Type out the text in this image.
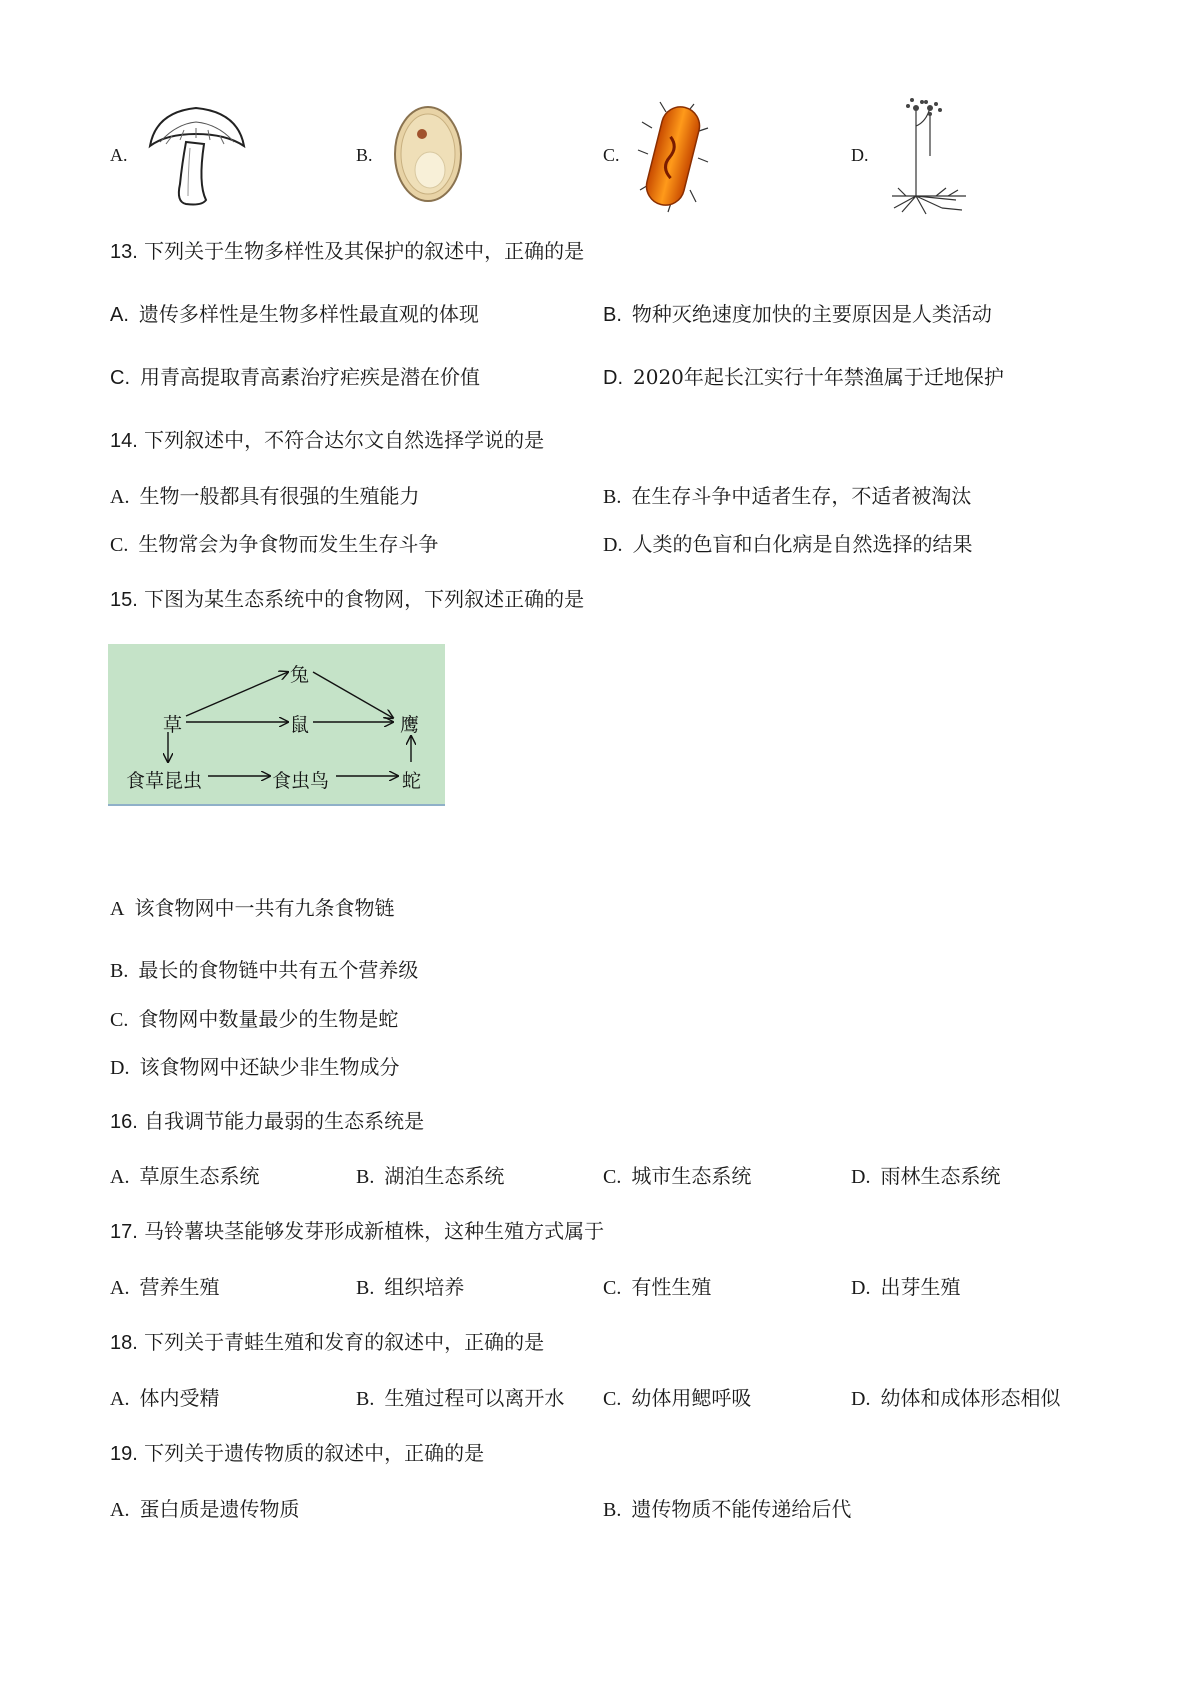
A.	B.	C.	D.
13. 下列关于生物多样性及其保护的叙述中，正确的是
A. 遗传多样性是生物多样性最直观的体现	B. 物种灭绝速度加快的主要原因是人类活动
C. 用青高提取青高素治疗疟疾是潜在价值	D. 2020年起长江实行十年禁渔属于迁地保护
14. 下列叙述中，不符合达尔文自然选择学说的是
A. 生物一般都具有很强的生殖能力	B. 在生存斗争中适者生存，不适者被淘汰
C. 生物常会为争食物而发生生存斗争	D. 人类的色盲和白化病是自然选择的结果
15. 下图为某生态系统中的食物网，下列叙述正确的是
兔
草	鼠	鹰
食草昆虫	食虫鸟	蛇
A 该食物网中一共有九条食物链
B. 最长的食物链中共有五个营养级
C. 食物网中数量最少的生物是蛇
D. 该食物网中还缺少非生物成分
16. 自我调节能力最弱的生态系统是
A. 草原生态系统	B. 湖泊生态系统	C. 城市生态系统	D. 雨林生态系统
17. 马铃薯块茎能够发芽形成新植株，这种生殖方式属于
A. 营养生殖	B. 组织培养	C. 有性生殖	D. 出芽生殖
18. 下列关于青蛙生殖和发育的叙述中，正确的是
A. 体内受精	B. 生殖过程可以离开水 C. 幼体用鳃呼吸	D. 幼体和成体形态相似
19. 下列关于遗传物质的叙述中，正确的是
A. 蛋白质是遗传物质	B. 遗传物质不能传递给后代
